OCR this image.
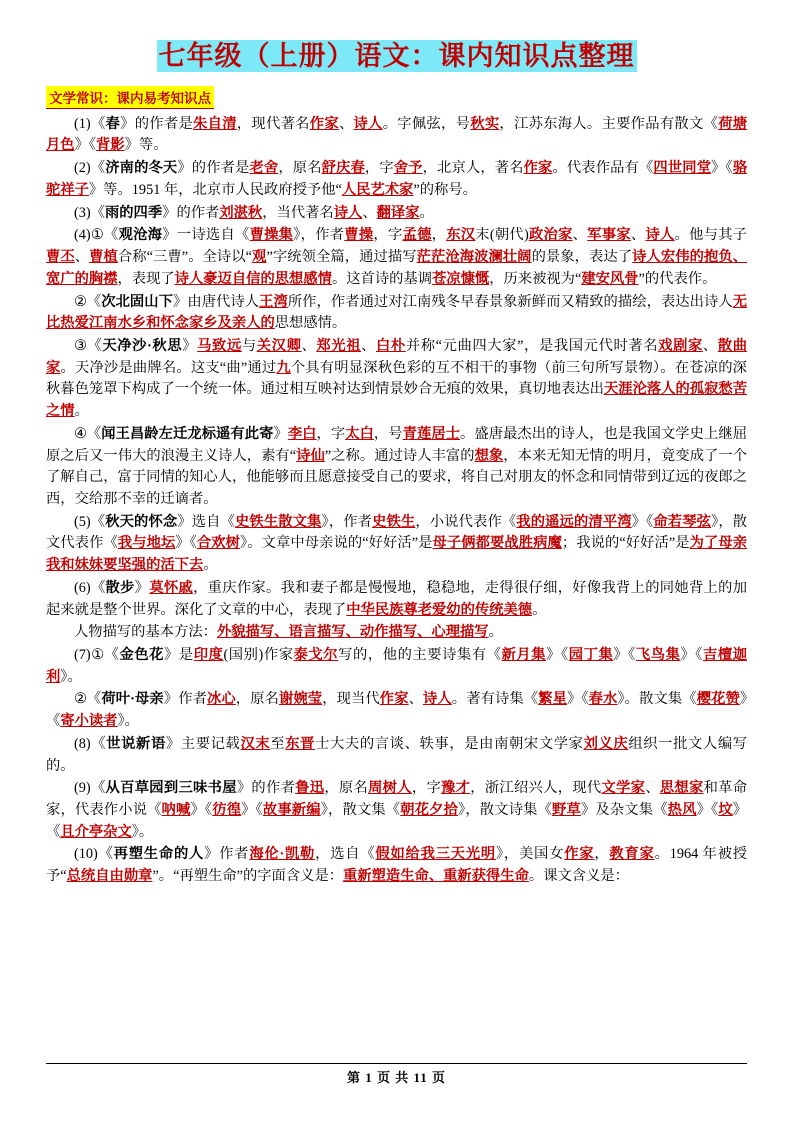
七年级（上册）语文：课内知识点整理
文学常识：课内易考知识点
(1)《春》的作者是朱自清，现代著名作家、诗人。字佩弦，号秋实，江苏东海人。主要作品有散文《荷塘月色》《背影》等。
(2)《济南的冬天》的作者是老舍，原名舒庆春，字舍予，北京人，著名作家。代表作品有《四世同堂》《骆驼祥子》等。1951 年，北京市人民政府授予他“人民艺术家”的称号。
(3)《雨的四季》的作者刘湛秋，当代著名诗人、翻译家。
(4)①《观沧海》一诗选自《曹操集》，作者曹操，字孟德，东汉末(朝代)政治家、军事家、诗人。他与其子曹丕、曹植合称“三曹”。全诗以“观”字统领全篇，通过描写茫茫沧海波澜壮阔的景象，表达了诗人宏伟的抱负、宽广的胸襟，表现了诗人豪迈自信的思想感情。这首诗的基调苍凉慷慨，历来被视为“建安风骨”的代表作。
②《次北固山下》由唐代诗人王湾所作，作者通过对江南残冬早春景象新鲜而又精致的描绘，表达出诗人无比热爱江南水乡和怀念家乡及亲人的思想感情。
③《天净沙·秋思》马致远与关汉卿、郑光祖、白朴并称“元曲四大家”，是我国元代时著名戏剧家、散曲家。天净沙是曲牌名。这支“曲”通过九个具有明显深秋色彩的互不相干的事物（前三句所写景物）。在苍凉的深秋暮色笼罩下构成了一个统一体。通过相互映衬达到情景妙合无痕的效果，真切地表达出天涯沦落人的孤寂愁苦之情。
④《闻王昌龄左迁龙标遥有此寄》李白，字太白，号青莲居士。盛唐最杰出的诗人，也是我国文学史上继屈原之后又一伟大的浪漫主义诗人，素有“诗仙”之称。通过诗人丰富的想象，本来无知无情的明月，竟变成了一个了解自己，富于同情的知心人，他能够而且愿意接受自己的要求，将自己对朋友的怀念和同情带到辽远的夜郎之西，交给那不幸的迁谪者。
(5)《秋天的怀念》选自《史铁生散文集》，作者史铁生，小说代表作《我的遥远的清平湾》《命若琴弦》，散文代表作《我与地坛》《合欢树》。文章中母亲说的“好好活”是母子俩都要战胜病魔；我说的“好好活”是为了母亲我和妹妹要坚强的活下去。
(6)《散步》莫怀戚，重庆作家。我和妻子都是慢慢地，稳稳地，走得很仔细，好像我背上的同她背上的加起来就是整个世界。深化了文章的中心，表现了中华民族尊老爱幼的传统美德。
人物描写的基本方法：外貌描写、语言描写、动作描写、心理描写。
(7)①《金色花》是印度(国别)作家泰戈尔写的，他的主要诗集有《新月集》《园丁集》《飞鸟集》《吉檀迦利》。
②《荷叶·母亲》作者冰心，原名谢婉莹，现当代作家、诗人。著有诗集《繁星》《春水》。散文集《樱花赞》《寄小读者》。
(8)《世说新语》主要记载汉末至东晋士大夫的言谈、轶事，是由南朝宋文学家刘义庆组织一批文人编写的。
(9)《从百草园到三味书屋》的作者鲁迅，原名周树人，字豫才，浙江绍兴人，现代文学家、思想家和革命家，代表作小说《呐喊》《彷徨》《故事新编》，散文集《朝花夕拾》，散文诗集《野草》及杂文集《热风》《坟》《且介亭杂文》。
(10)《再塑生命的人》作者海伦·凯勒，选自《假如给我三天光明》，美国女作家，教育家。1964 年被授予“总统自由勋章”。“再塑生命”的字面含义是：重新塑造生命、重新获得生命。课文含义是：
第 1 页 共 11 页
